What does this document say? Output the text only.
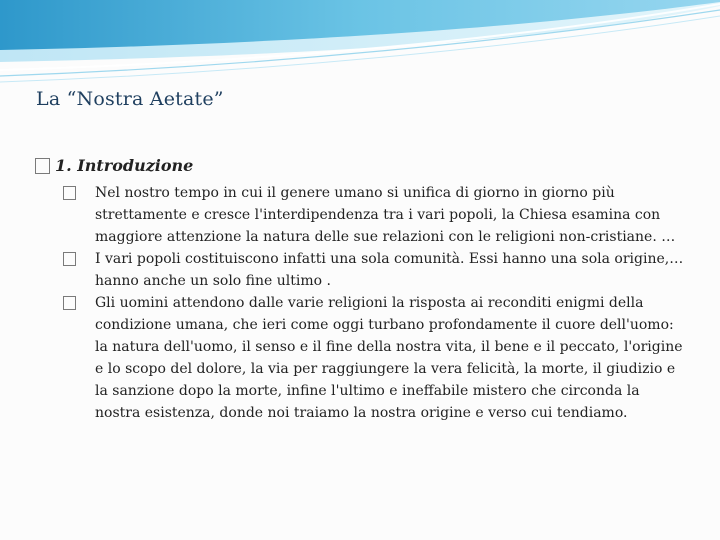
La “Nostra Aetate”
1. Introduzione
Nel nostro tempo in cui il genere umano si unifica di giorno in giorno più strettamente e cresce l'interdipendenza tra i vari popoli, la Chiesa esamina con maggiore attenzione la natura delle sue relazioni con le religioni non-cristiane. …
I vari popoli costituiscono infatti una sola comunità. Essi hanno una sola origine,… hanno anche un solo fine ultimo .
Gli uomini attendono dalle varie religioni la risposta ai reconditi enigmi della condizione umana, che ieri come oggi turbano profondamente il cuore dell'uomo: la natura dell'uomo, il senso e il fine della nostra vita, il bene e il peccato, l'origine e lo scopo del dolore, la via per raggiungere la vera felicità, la morte, il giudizio e la sanzione dopo la morte, infine l'ultimo e ineffabile mistero che circonda la nostra esistenza, donde noi traiamo la nostra origine e verso cui tendiamo.
